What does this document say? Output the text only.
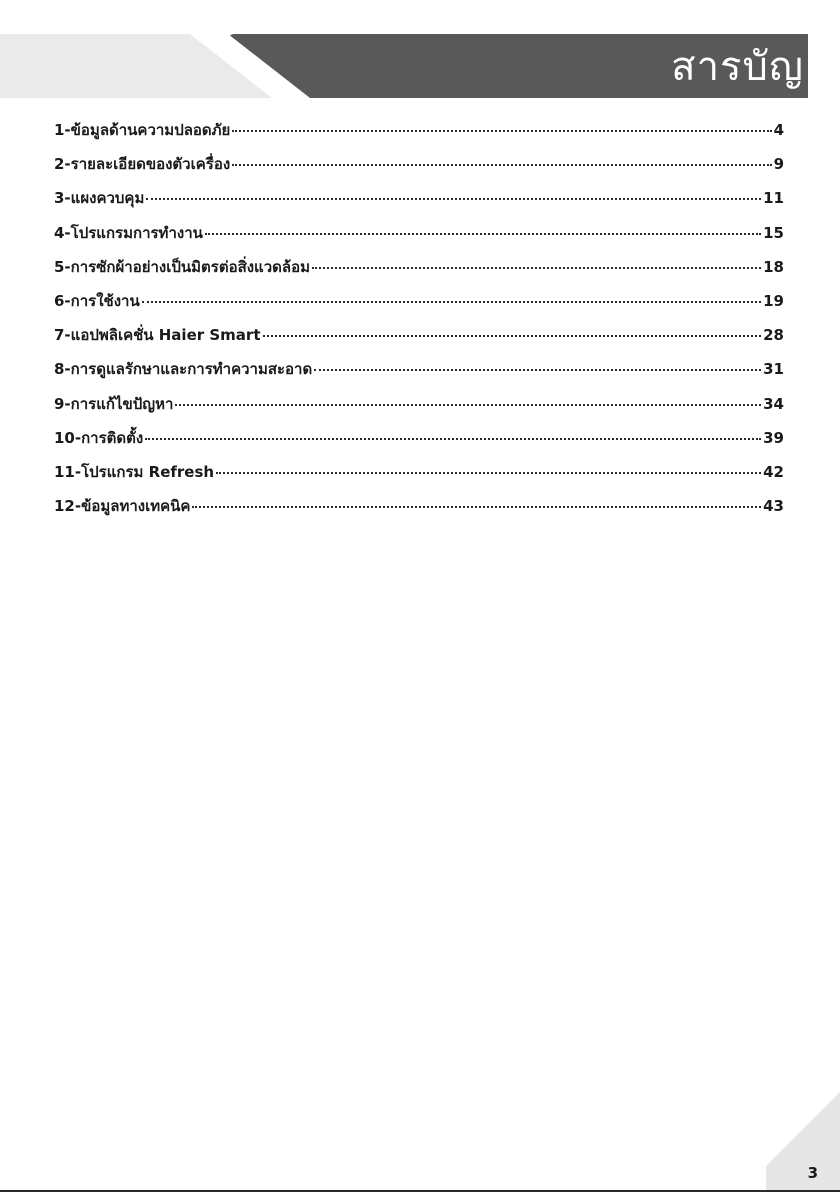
สารบัญ
1-ข้อมูลด้านความปลอดภัย	4
2-รายละเอียดของตัวเครื่อง	9
3-แผงควบคุม	11
4-โปรแกรมการทำงาน	15
5-การซักผ้าอย่างเป็นมิตรต่อสิ่งแวดล้อม	18
6-การใช้งาน	19
7-แอปพลิเคชั่น Haier Smart	28
8-การดูแลรักษาและการทำความสะอาด	31
9-การแก้ไขปัญหา	34
10-การติดตั้ง	39
11-โปรแกรม Refresh	42
12-ข้อมูลทางเทคนิค	43
3
